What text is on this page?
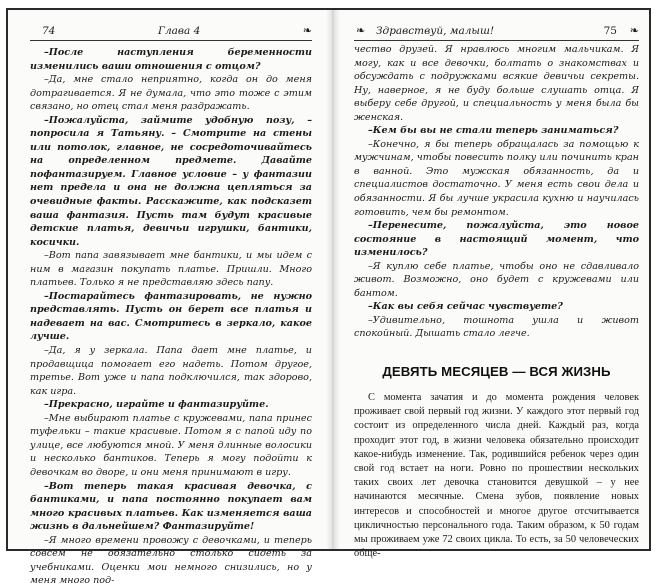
74	Глава 4	❧

–После наступления беременности изменились ваши отношения с отцом?

–Да, мне стало неприятно, когда он до меня дотрагивается. Я не думала, что это тоже с этим связано, но отец стал меня раздражать.

–Пожалуйста, займите удобную позу, – попросила я Татьяну. – Смотрите на стены или потолок, главное, не сосредоточивайтесь на определенном предмете. Давайте пофантазируем. Главное условие – у фантазии нет предела и она не должна цепляться за очевидные факты. Расскажите, как подсказет ваша фантазия. Пусть там будут красивые детские платья, девичьи игрушки, бантики, косички.

–Вот папа завязывает мне бантики, и мы идем с ним в магазин покупать платье. Пришли. Много платьев. Только я не представляю здесь папу.

–Постарайтесь фантазировать, не нужно представлять. Пусть он берет все платья и надевает на вас. Смотритесь в зеркало, какое лучше.

–Да, я у зеркала. Папа дает мне платье, и продавщица помогает его надеть. Потом другое, третье. Вот уже и папа подключился, так здорово, как игра.

–Прекрасно, играйте и фантазируйте.

–Мне выбирают платье с кружевами, папа принес туфельки – такие красивые. Потом я с папой иду по улице, все любуются мной. У меня длинные волосики и несколько бантиков. Теперь я могу подойти к девочкам во дворе, и они меня принимают в игру.

–Вот теперь такая красивая девочка, с бантиками, и папа постоянно покупает вам много красивых платьев. Как изменяется ваша жизнь в дальнейшем? Фантазируйте!

–Я много времени провожу с девочками, и теперь совсем не обязательно столько сидеть за учебниками. Оценки мои немного снизились, но у меня много под-

❧ Здравствуй, малыш!	75 ❧

чество друзей. Я нравлюсь многим мальчикам. Я могу, как и все девочки, болтать о знакомствах и обсуждать с подружками всякие девичьи секреты. Ну, наверное, я не буду больше слушать отца. Я выберу себе другой, и специальность у меня была бы женская.

–Кем бы вы не стали теперь заниматься?

–Конечно, я бы теперь обращалась за помощью к мужчинам, чтобы повесить полку или починить кран в ванной. Это мужская обязанность, да и специалистов достаточно. У меня есть свои дела и обязанности. Я бы лучше украсила кухню и научилась готовить, чем бы ремонтом.

–Перенесите, пожалуйста, это новое состояние в настоящий момент, что изменилось?

–Я куплю себе платье, чтобы оно не сдавливало живот. Возможно, оно будет с кружевами или бантом.

–Как вы себя сейчас чувствуете?

–Удивительно, тошнота ушла и живот спокойный. Дышать стало легче.

ДЕВЯТЬ МЕСЯЦЕВ — ВСЯ ЖИЗНЬ

С момента зачатия и до момента рождения человек проживает свой первый год жизни. У каждого этот первый год состоит из определенного числа дней. Каждый раз, когда проходит этот год, в жизни человека обязательно происходит какое-нибудь изменение. Так, родившийся ребенок через один свой год встает на ноги. Ровно по прошествии нескольких таких своих лет девочка становится девушкой – у нее начинаются месячные. Смена зубов, появление новых интересов и способностей и многое другое отсчитывается цикличностью персонального года. Таким образом, к 50 годам мы проживаем уже 72 своих цикла. То есть, за 50 человеческих обще-
